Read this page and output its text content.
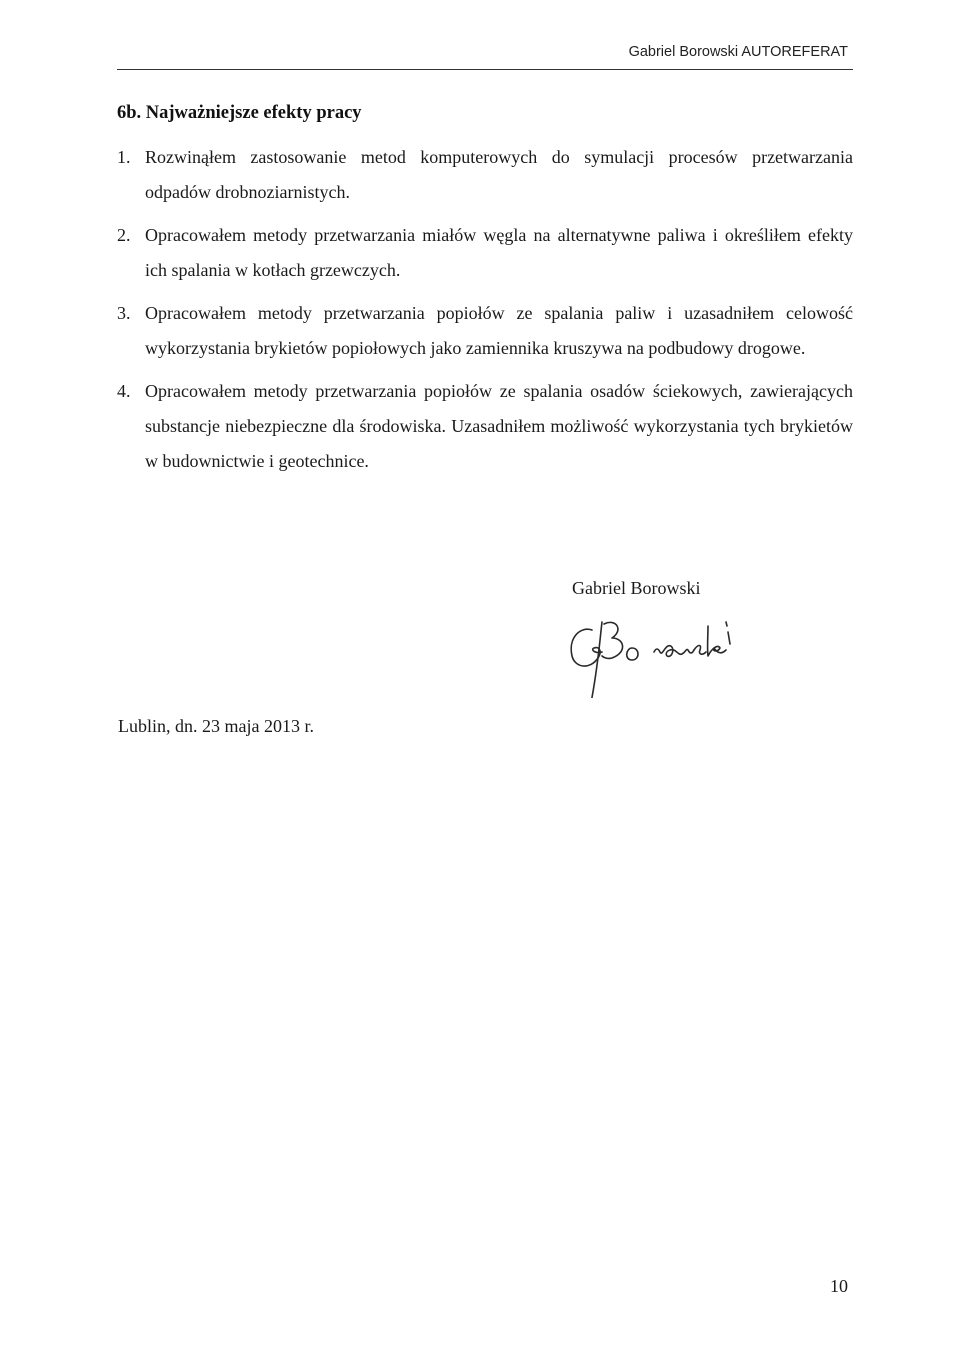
Gabriel Borowski AUTOREFERAT
6b. Najważniejsze efekty pracy
1. Rozwinąłem zastosowanie metod komputerowych do symulacji procesów przetwarzania odpadów drobnoziarnistych.
2. Opracowałem metody przetwarzania miałów węgla na alternatywne paliwa i określiłem efekty ich spalania w kotłach grzewczych.
3. Opracowałem metody przetwarzania popiołów ze spalania paliw i uzasadniłem celowość wykorzystania brykietów popiołowych jako zamiennika kruszywa na podbudowy drogowe.
4. Opracowałem metody przetwarzania popiołów ze spalania osadów ściekowych, zawierających substancje niebezpieczne dla środowiska. Uzasadniłem możliwość wykorzystania tych brykietów w budownictwie i geotechnice.
Gabriel Borowski
Lublin, dn. 23 maja 2013 r.
10
